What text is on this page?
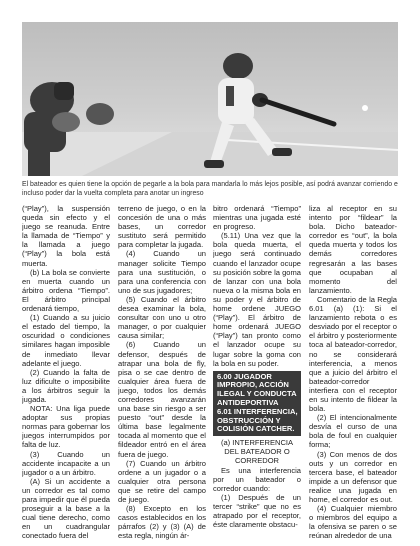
El bateador es quien tiene la opción de pegarle a la bola para mandarla lo más lejos posible, así podrá avanzar corriendo e incluso poder dar la vuelta completa para anotar un ingreso

(“Play”), la suspensión queda sin efecto y el juego se reanuda. Entre la llamada de “Tiempo” y la llamada a juego (“Play”) la bola está muerta.

(b) La bola se convierte en muerta cuando un árbitro ordena “Tiempo”. El árbitro principal ordenará tiempo,

(1) Cuando a su juicio el estado del tiempo, la oscuridad o condiciones similares hagan imposible de inmediato llevar adelante el juego.

(2) Cuando la falta de luz dificulte o imposibilite a los árbitros seguir la jugada.

NOTA: Una liga puede adoptar sus propias normas para gobernar los juegos interrumpidos por falta de luz.

(3) Cuando un accidente incapacite a un jugador o a un árbitro.

(A) Si un accidente a un corredor es tal como para impedir que él pueda proseguir a la base a la cual tiene derecho, como en un cuadrangular conectado fuera del

terreno de juego, o en la concesión de una o más bases, un corredor sustituto será permitido para completar la jugada.

(4) Cuando un manager solicite Tiempo para una sustitución, o para una conferencia con uno de sus jugadores;

(5) Cuando el árbitro desea examinar la bola, consultar con uno u otro manager, o por cualquier causa similar;

(6) Cuando un defensor, después de atrapar una bola de fly, pisa o se cae dentro de cualquier área fuera de juego, todos los demás corredores avanzarán una base sin riesgo a ser puesto “out” desde la última base legalmente tocada al momento que el fildeador entró en el área fuera de juego.

(7) Cuando un árbitro ordene a un jugador o a cualquier otra persona que se retire del campo de juego.

(8) Excepto en los casos establecidos en los párrafos (2) y (3) (A) de esta regla, ningún ár-

bitro ordenará “Tiempo” mientras una jugada esté en progreso.

(5.11) Una vez que la bola queda muerta, el juego será continuado cuando el lanzador ocupe su posición sobre la goma de lanzar con una bola nueva o la misma bola en su poder y el árbitro de home ordene JUEGO (“Play”). El árbitro de home ordenará JUEGO (“Play”) tan pronto como el lanzador ocupe su lugar sobre la goma con la bola en su poder.

6.00 JUGADOR IMPROPIO, ACCIÓN ILEGAL Y CONDUCTA ANTIDEPORTIVA
6.01 INTERFERENCIA, OBSTRUCCIÓN Y COLISIÓN CATCHER.

(a) INTERFERENCIA DEL BATEADOR O CORREDOR

Es una interferencia por un bateador o corredor cuando:

(1) Después de un tercer “strike” que no es atrapado por el receptor, éste claramente obstacu-

liza al receptor en su intento por “fildear” la bola. Dicho bateador-corredor es “out”, la bola queda muerta y todos los demás corredores regresarán a las bases que ocupaban al momento del lanzamiento.

Comentario de la Regla 6.01 (a) (1): Si el lanzamiento rebota o es desviado por el receptor o el árbitro y posteriormente toca al bateador-corredor, no se considerará interferencia, a menos que a juicio del árbitro el bateador-corredor interfiera con el receptor en su intento de fildear la bola.

(2) El intencionalmente desvía el curso de una bola de foul en cualquier forma;

(3) Con menos de dos outs y un corredor en tercera base, el bateador impide a un defensor que realice una jugada en home, el corredor es out.

(4) Cualquier miembro o miembros del equipo a la ofensiva se paren o se reúnan alrededor de una
